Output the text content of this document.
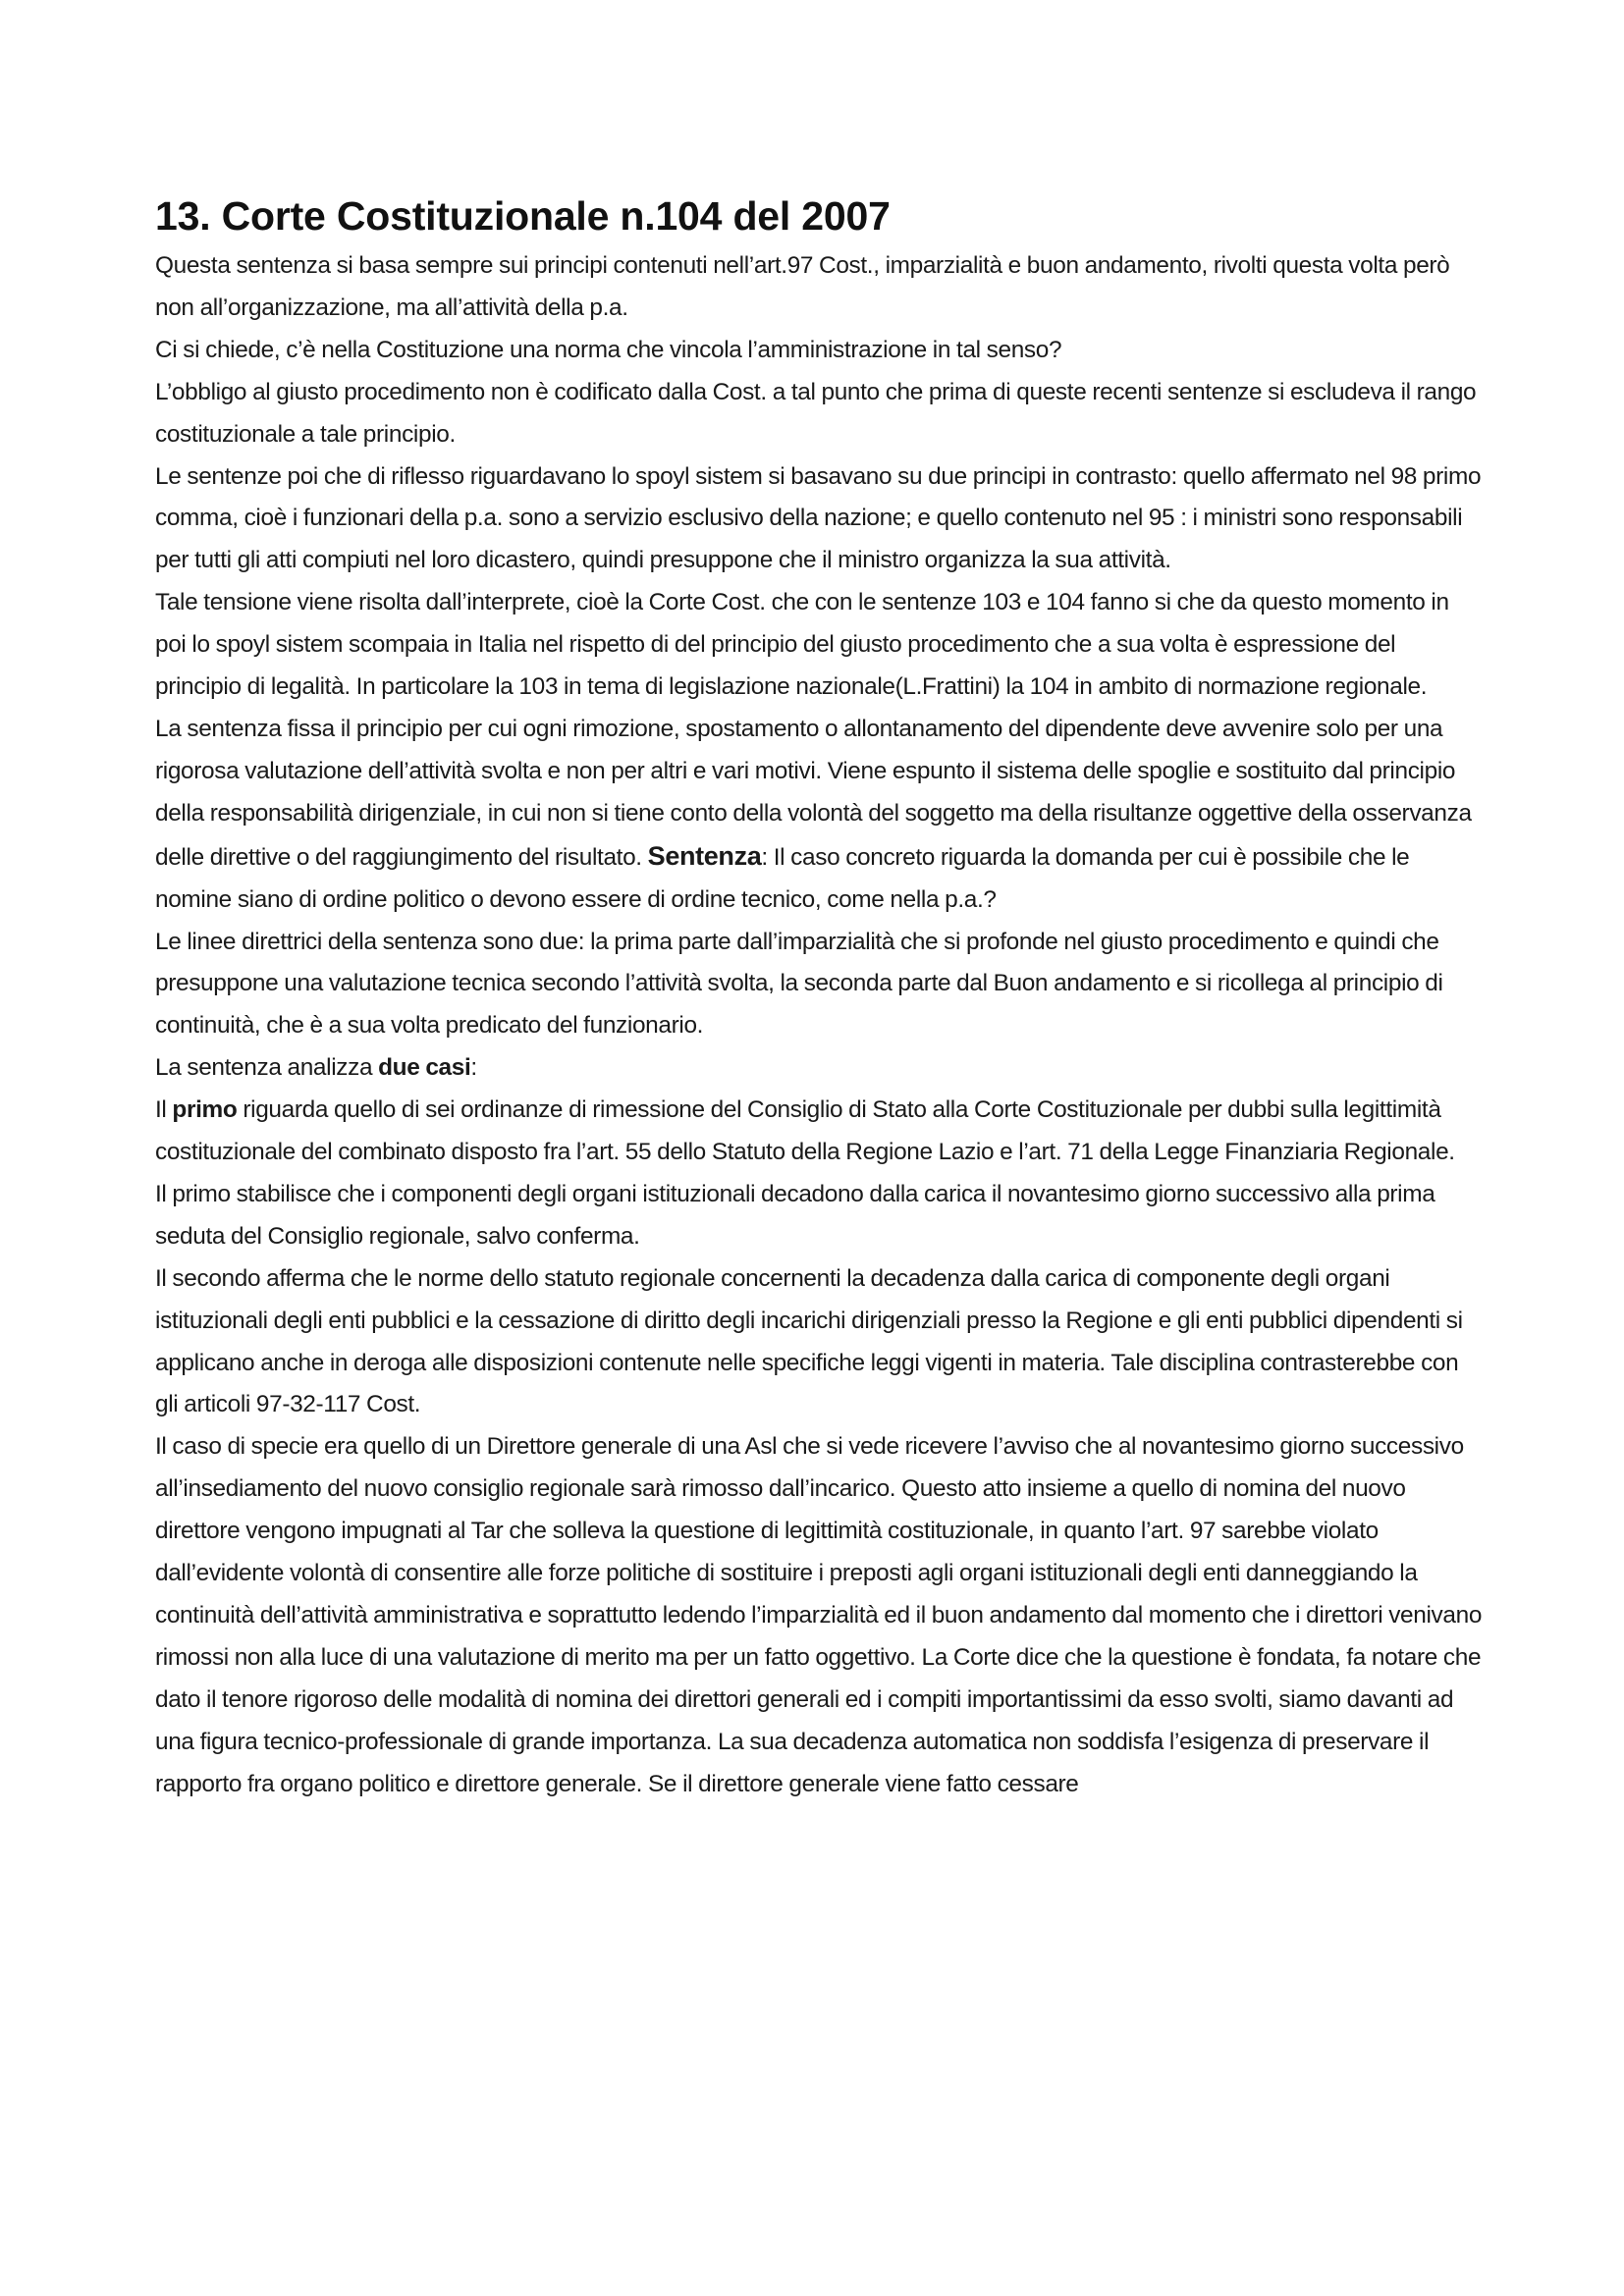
13. Corte Costituzionale n.104 del 2007

Questa sentenza si basa sempre sui principi contenuti nell’art.97 Cost., imparzialità e buon andamento, rivolti questa volta però non all’organizzazione, ma all’attività della p.a.

Ci si chiede, c’è nella Costituzione una norma che vincola l’amministrazione in tal senso?

L’obbligo al giusto procedimento non è codificato dalla Cost. a tal punto che prima di queste recenti sentenze si escludeva il rango costituzionale a tale principio.

Le sentenze poi che di riflesso riguardavano lo spoyl sistem si basavano su due principi in contrasto: quello affermato nel 98 primo comma, cioè i funzionari della p.a. sono a servizio esclusivo della nazione; e quello contenuto nel 95 : i ministri sono responsabili per tutti gli atti compiuti nel loro dicastero, quindi presuppone che il ministro organizza la sua attività.

Tale tensione viene risolta dall’interprete, cioè la Corte Cost. che con le sentenze 103 e 104 fanno si che da questo momento in poi lo spoyl sistem scompaia in Italia nel rispetto di del principio del giusto procedimento che a sua volta è espressione del principio di legalità. In particolare la 103 in tema di legislazione nazionale(L.Frattini) la 104 in ambito di normazione regionale.

La sentenza fissa il principio per cui ogni rimozione, spostamento o allontanamento del dipendente deve avvenire solo per una rigorosa valutazione dell’attività svolta e non per altri e vari motivi. Viene espunto il sistema delle spoglie e sostituito dal principio della responsabilità dirigenziale, in cui non si tiene conto della volontà del soggetto ma della risultanze oggettive della osservanza delle direttive o del raggiungimento del risultato. Sentenza: Il caso concreto riguarda la domanda per cui è possibile che le nomine siano di ordine politico o devono essere di ordine tecnico, come nella p.a.?

Le linee direttrici della sentenza sono due: la prima parte dall’imparzialità che si profonde nel giusto procedimento e quindi che presuppone una valutazione tecnica secondo l’attività svolta, la seconda parte dal Buon andamento e si ricollega al principio di continuità, che è a sua volta predicato del funzionario.

La sentenza analizza due casi:

Il primo riguarda quello di sei ordinanze di rimessione del Consiglio di Stato alla Corte Costituzionale per dubbi sulla legittimità costituzionale del combinato disposto fra l’art. 55 dello Statuto della Regione Lazio e l’art. 71 della Legge Finanziaria Regionale.

Il primo stabilisce che i componenti degli organi istituzionali decadono dalla carica il novantesimo giorno successivo alla prima seduta del Consiglio regionale, salvo conferma.

Il secondo afferma che le norme dello statuto regionale concernenti la decadenza dalla carica di componente degli organi istituzionali degli enti pubblici e la cessazione di diritto degli incarichi dirigenziali presso la Regione e gli enti pubblici dipendenti si applicano anche in deroga alle disposizioni contenute nelle specifiche leggi vigenti in materia. Tale disciplina contrasterebbe con gli articoli 97-32-117 Cost.

Il caso di specie era quello di un Direttore generale di una Asl che si vede ricevere l’avviso che al novantesimo giorno successivo all’insediamento del nuovo consiglio regionale sarà rimosso dall’incarico. Questo atto insieme a quello di nomina del nuovo direttore vengono impugnati al Tar che solleva la questione di legittimità costituzionale, in quanto l’art. 97 sarebbe violato dall’evidente volontà di consentire alle forze politiche di sostituire i preposti agli organi istituzionali degli enti danneggiando la continuità dell’attività amministrativa e soprattutto ledendo l’imparzialità ed il buon andamento dal momento che i direttori venivano rimossi non alla luce di una valutazione di merito ma per un fatto oggettivo. La Corte dice che la questione è fondata, fa notare che dato il tenore rigoroso delle modalità di nomina dei direttori generali ed i compiti importantissimi da esso svolti, siamo davanti ad una figura tecnico-professionale di grande importanza. La sua decadenza automatica non soddisfa l’esigenza di preservare il rapporto fra organo politico e direttore generale. Se il direttore generale viene fatto cessare
